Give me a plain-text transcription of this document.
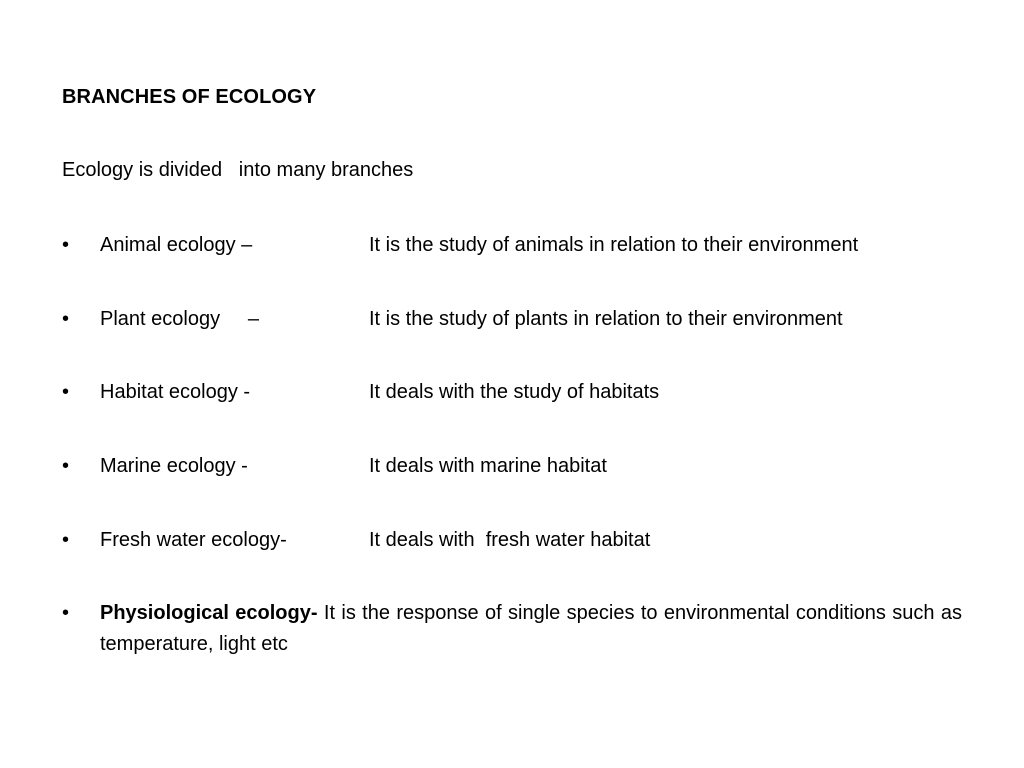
BRANCHES OF ECOLOGY
Ecology is divided   into many branches
• Animal ecology –	It is the study of animals in relation to their environment
• Plant ecology     –	It is the study of plants in relation to their environment
• Habitat ecology -	It deals with the study of habitats
• Marine ecology -	It deals with marine habitat
• Fresh water ecology-	It deals with  fresh water habitat
• Physiological ecology- It is the response of single species to environmental conditions such as temperature, light etc
